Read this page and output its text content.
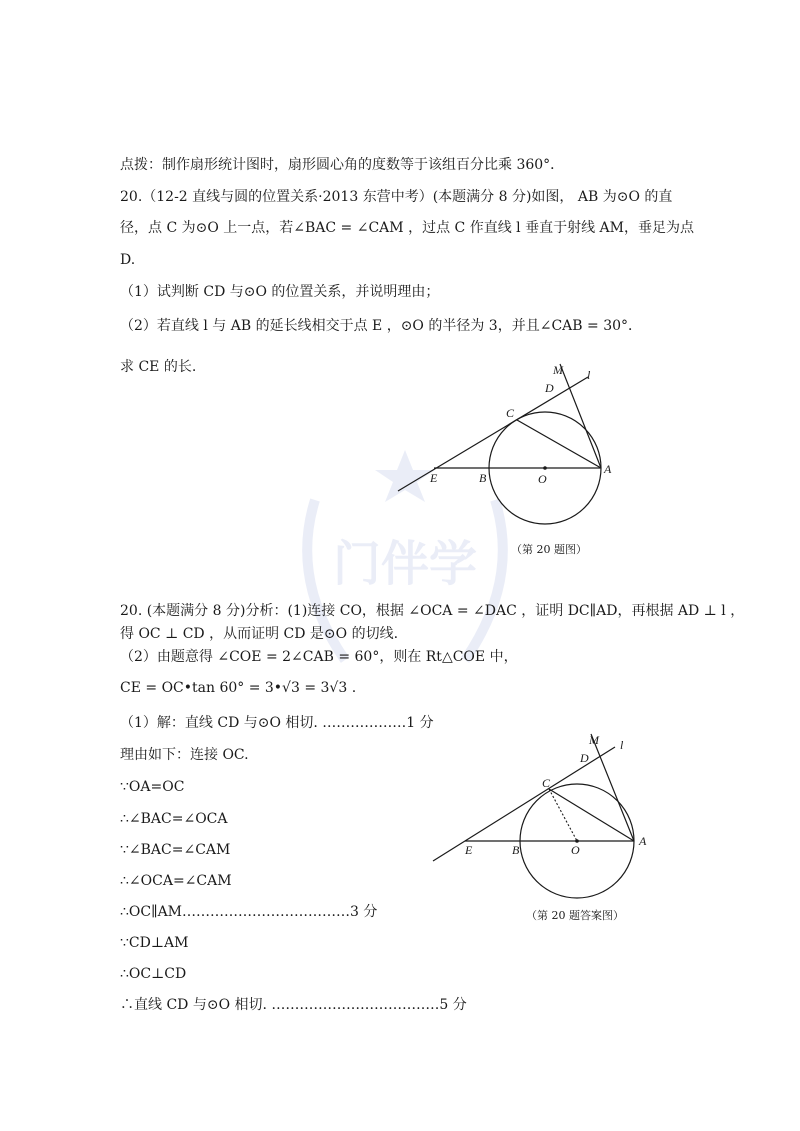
门伴学
点拨：制作扇形统计图时，扇形圆心角的度数等于该组百分比乘 360°．
20.（12-2 直线与圆的位置关系·2013 东营中考）(本题满分 8 分)如图， AB 为⊙O 的直
径，点 C 为⊙O 上一点，若∠BAC = ∠CAM ，过点 C 作直线 l 垂直于射线 AM，垂足为点
D.
（1）试判断 CD 与⊙O 的位置关系，并说明理由；
（2）若直线 l 与 AB 的延长线相交于点 E ，⊙O 的半径为 3，并且∠CAB = 30°．
求 CE 的长.	M l
D
C
E	B	O
A
（第 20 题图）
20. (本题满分 8 分)分析：(1)连接 CO，根据 ∠OCA = ∠DAC ，证明 DC∥AD，再根据 AD ⊥ l ，
得 OC ⊥ CD ，从而证明 CD 是⊙O 的切线.
（2）由题意得 ∠COE = 2∠CAB = 60°，则在 Rt△COE 中，
CE = OC•tan 60° = 3•√3 = 3√3 .
（1）解：直线 CD 与⊙O 相切. ………………1 分
理由如下：连接 OC.
∵OA=OC
∴∠BAC=∠OCA
∵∠BAC=∠CAM
∴∠OCA=∠CAM
∴OC∥AM………………………………3 分
∵CD⊥AM
∴OC⊥CD
∴直线 CD 与⊙O 相切. ………………………………5 分
M l
D
C
E	B	O
A
（第 20 题答案图）
